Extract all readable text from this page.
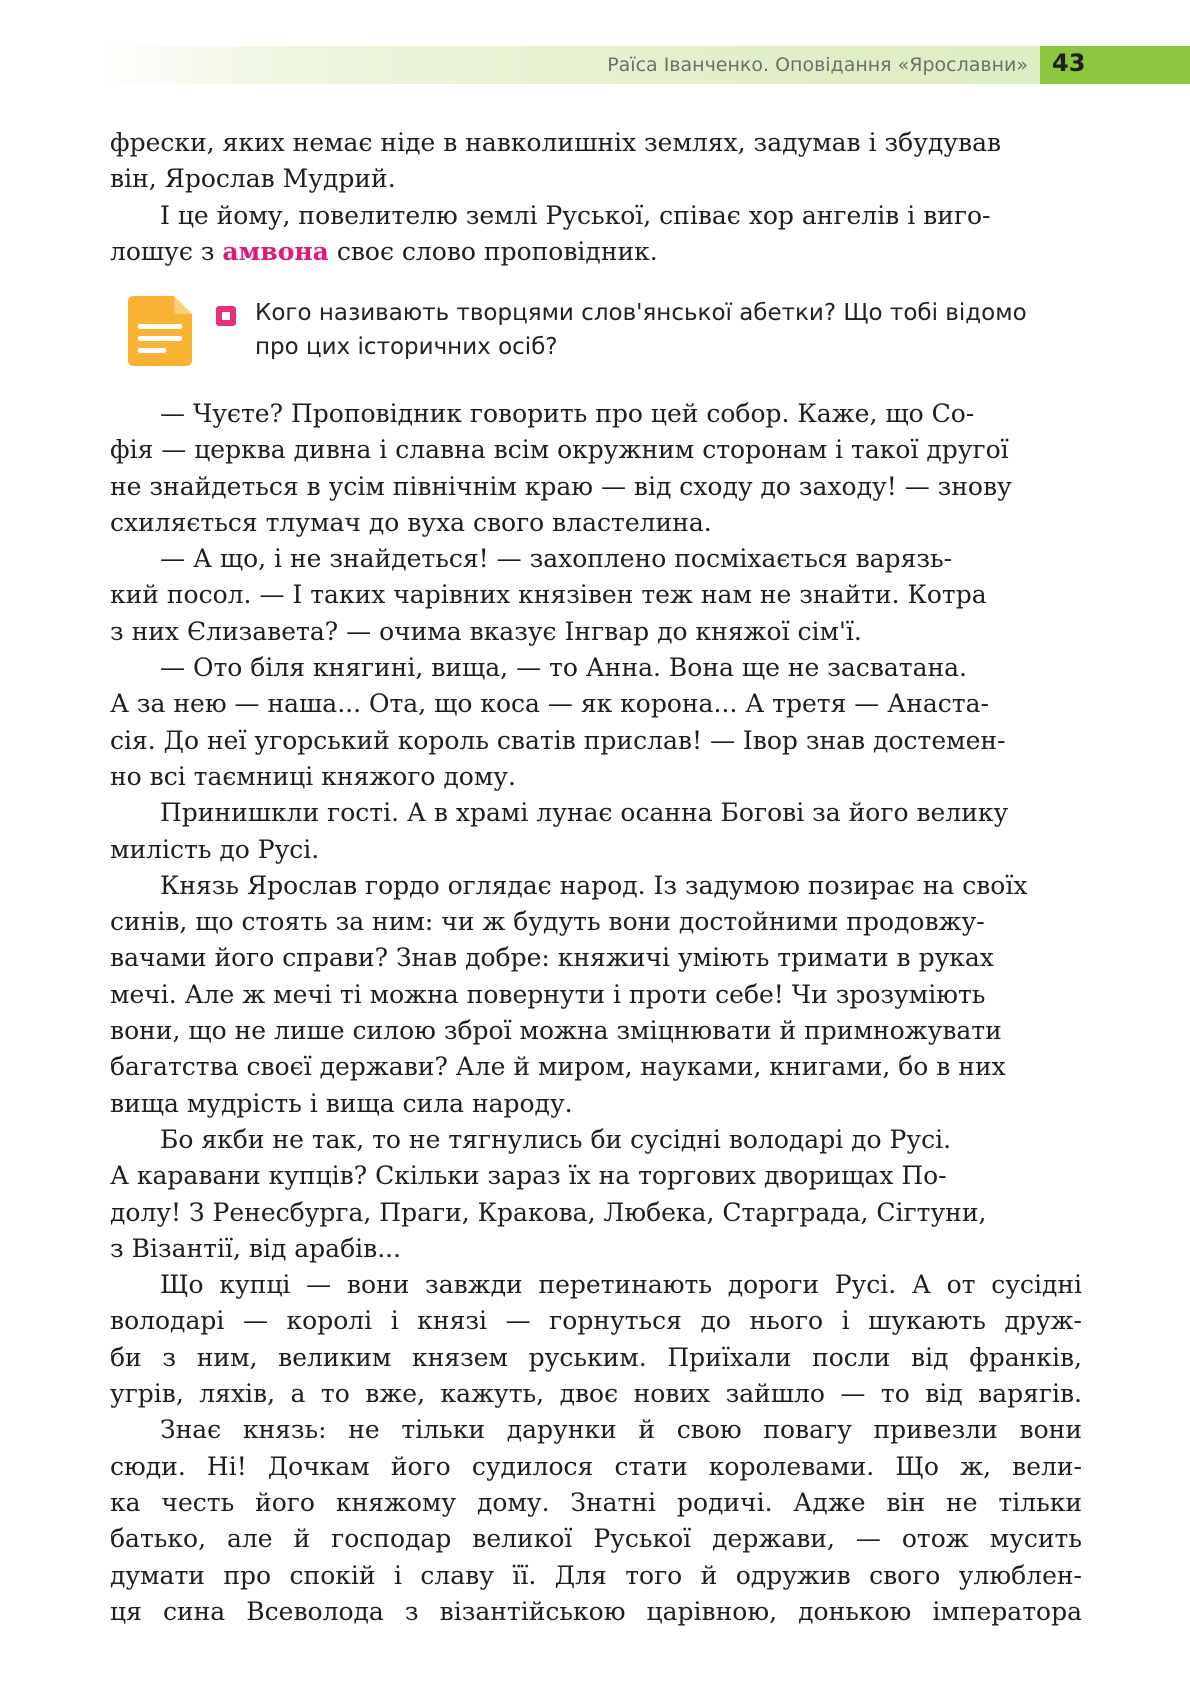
Раїса Іванченко. Оповідання «Ярославни» 43

фрески, яких немає ніде в навколишніх землях, задумав і збудував
він, Ярослав Мудрий.

І це йому, повелителю землі Руської, співає хор ангелів і виго-
лошує з амвона своє слово проповідник.

Кого називають творцями слов'янської абетки? Що тобі відомо
про цих історичних осіб?

— Чуєте? Проповідник говорить про цей собор. Каже, що Со-
фія — церква дивна і славна всім окружним сторонам і такої другої
не знайдеться в усім північнім краю — від сходу до заходу! — знову
схиляється тлумач до вуха свого властелина.

— А що, і не знайдеться! — захоплено посміхається варязь-
кий посол. — І таких чарівних князівен теж нам не знайти. Котра
з них Єлизавета? — очима вказує Інгвар до княжої сім'ї.

— Ото біля княгині, вища, — то Анна. Вона ще не засватана.
А за нею — наша... Ота, що коса — як корона... А третя — Анаста-
сія. До неї угорський король сватів прислав! — Івор знав достемен-
но всі таємниці княжого дому.

Принишкли гості. А в храмі лунає осанна Богові за його велику
милість до Русі.

Князь Ярослав гордо оглядає народ. Із задумою позирає на своїх
синів, що стоять за ним: чи ж будуть вони достойними продовжу-
вачами його справи? Знав добре: княжичі уміють тримати в руках
мечі. Але ж мечі ті можна повернути і проти себе! Чи зрозуміють
вони, що не лише силою зброї можна зміцнювати й примножувати
багатства своєї держави? Але й миром, науками, книгами, бо в них
вища мудрість і вища сила народу.

Бо якби не так, то не тягнулись би сусідні володарі до Русі.
А каравани купців? Скільки зараз їх на торгових дворищах По-
долу! З Ренесбурга, Праги, Кракова, Любека, Старграда, Сігтуни,
з Візантії, від арабів...

Що купці — вони завжди перетинають дороги Русі. А от сусідні
володарі — королі і князі — горнуться до нього і шукають друж-
би з ним, великим князем руським. Приїхали посли від франків,
угрів, ляхів, а то вже, кажуть, двоє нових зайшло — то від варягів.

Знає князь: не тільки дарунки й свою повагу привезли вони
сюди. Ні! Дочкам його судилося стати королевами. Що ж, вели-
ка честь його княжому дому. Знатні родичі. Адже він не тільки
батько, але й господар великої Руської держави, — отож мусить
думати про спокій і славу її. Для того й одружив свого улюблен-
ця сина Всеволода з візантійською царівною, донькою імператора
